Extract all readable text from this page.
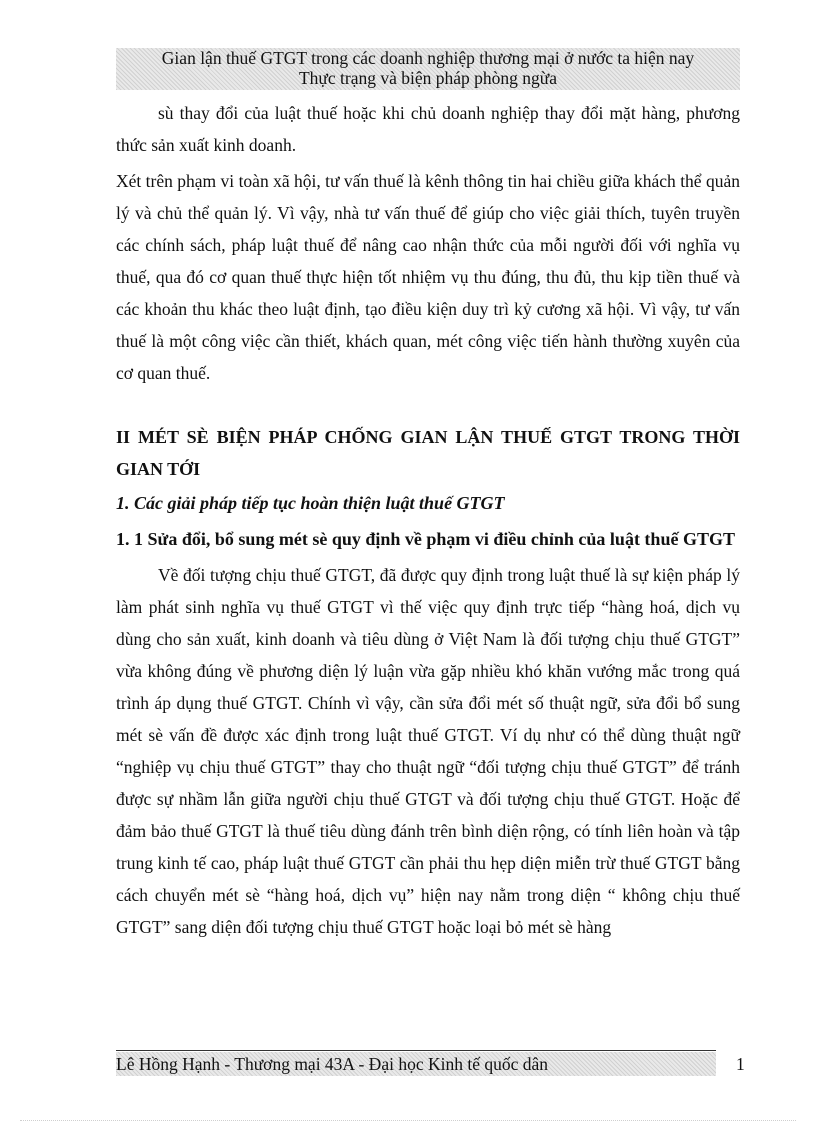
Gian lận thuế GTGT trong các doanh nghiệp thương mại ở nước ta hiện nay
Thực trạng và biện pháp phòng ngừa

sù thay đổi của luật thuế hoặc khi chủ doanh nghiệp thay đổi mặt hàng, phương thức sản xuất kinh doanh.

Xét trên phạm vi toàn xã hội, tư vấn thuế là kênh thông tin hai chiều giữa khách thể quản lý và chủ thể quản lý. Vì vậy, nhà tư vấn thuế để giúp cho việc giải thích, tuyên truyền các chính sách, pháp luật thuế để nâng cao nhận thức của mỗi người đối với nghĩa vụ thuế, qua đó cơ quan thuế thực hiện tốt nhiệm vụ thu đúng, thu đủ, thu kịp tiền thuế và các khoản thu khác theo luật định, tạo điều kiện duy trì kỷ cương xã hội. Vì vậy, tư vấn thuế là một công việc cần thiết, khách quan, mét công việc tiến hành thường xuyên của cơ quan thuế.

II MÉT SÈ BIỆN PHÁP CHỐNG GIAN LẬN THUẾ GTGT TRONG THỜI GIAN TỚI
1. Các giải pháp tiếp tục hoàn thiện luật thuế GTGT
1. 1 Sửa đổi, bổ sung mét sè quy định về phạm vi điều chỉnh của luật thuế GTGT

Về đối tượng chịu thuế GTGT, đã được quy định trong luật thuế là sự kiện pháp lý làm phát sinh nghĩa vụ thuế GTGT vì thế việc quy định trực tiếp “hàng hoá, dịch vụ dùng cho sản xuất, kinh doanh và tiêu dùng ở Việt Nam là đối tượng chịu thuế GTGT” vừa không đúng về phương diện lý luận vừa gặp nhiều khó khăn vướng mắc trong quá trình áp dụng thuế GTGT. Chính vì vậy, cần sửa đổi mét số thuật ngữ, sửa đổi bổ sung mét sè vấn đề được xác định trong luật thuế GTGT. Ví dụ như có thể dùng thuật ngữ “nghiệp vụ chịu thuế GTGT” thay cho thuật ngữ “đối tượng chịu thuế GTGT” để tránh được sự nhầm lẫn giữa người chịu thuế GTGT và đối tượng chịu thuế GTGT. Hoặc để đảm bảo thuế GTGT là thuế tiêu dùng đánh trên bình diện rộng, có tính liên hoàn và tập trung kinh tế cao, pháp luật thuế GTGT cần phải thu hẹp diện miễn trừ thuế GTGT bằng cách chuyển mét sè “hàng hoá, dịch vụ” hiện nay nằm trong diện “ không chịu thuế GTGT” sang diện đối tượng chịu thuế GTGT hoặc loại bỏ mét sè hàng

Lê Hồng Hạnh - Thương mại 43A - Đại học Kinh tế quốc dân	1
